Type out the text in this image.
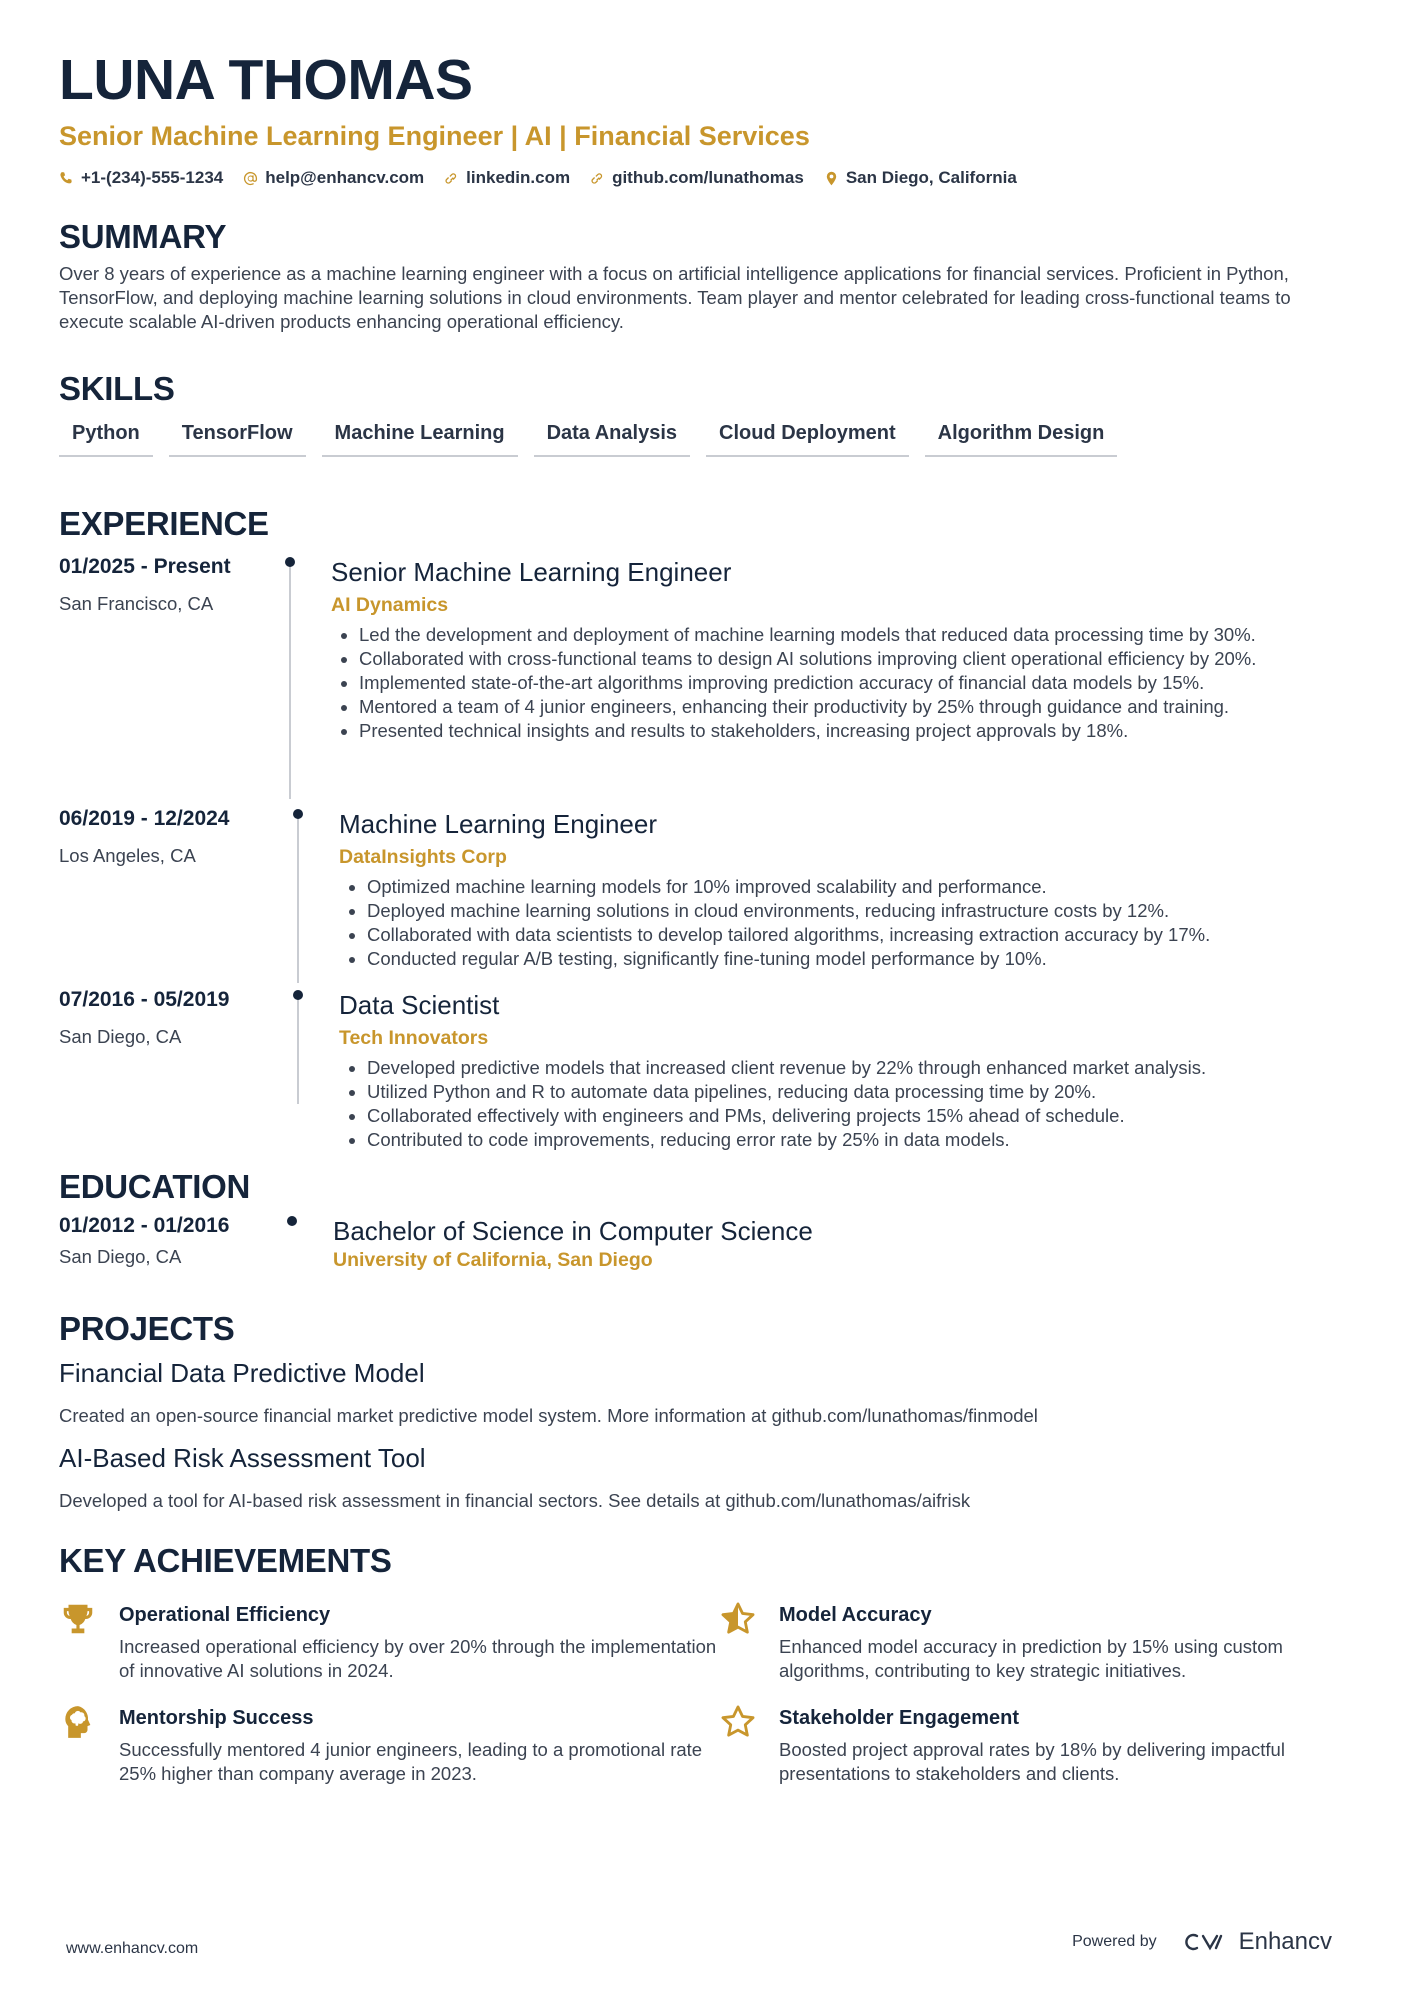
LUNA THOMAS
Senior Machine Learning Engineer | AI | Financial Services
+1-(234)-555-1234 help@enhancv.com linkedin.com github.com/lunathomas San Diego, California
SUMMARY
Over 8 years of experience as a machine learning engineer with a focus on artificial intelligence applications for financial services. Proficient in Python, TensorFlow, and deploying machine learning solutions in cloud environments. Team player and mentor celebrated for leading cross-functional teams to execute scalable AI-driven products enhancing operational efficiency.
SKILLS
Python	TensorFlow	Machine Learning	Data Analysis	Cloud Deployment	Algorithm Design
EXPERIENCE
01/2025 - Present
San Francisco, CA
Senior Machine Learning Engineer
AI Dynamics
• Led the development and deployment of machine learning models that reduced data processing time by 30%.
• Collaborated with cross-functional teams to design AI solutions improving client operational efficiency by 20%.
• Implemented state-of-the-art algorithms improving prediction accuracy of financial data models by 15%.
• Mentored a team of 4 junior engineers, enhancing their productivity by 25% through guidance and training.
• Presented technical insights and results to stakeholders, increasing project approvals by 18%.
06/2019 - 12/2024
Los Angeles, CA
Machine Learning Engineer
DataInsights Corp
• Optimized machine learning models for 10% improved scalability and performance.
• Deployed machine learning solutions in cloud environments, reducing infrastructure costs by 12%.
• Collaborated with data scientists to develop tailored algorithms, increasing extraction accuracy by 17%.
• Conducted regular A/B testing, significantly fine-tuning model performance by 10%.
07/2016 - 05/2019
San Diego, CA
Data Scientist
Tech Innovators
• Developed predictive models that increased client revenue by 22% through enhanced market analysis.
• Utilized Python and R to automate data pipelines, reducing data processing time by 20%.
• Collaborated effectively with engineers and PMs, delivering projects 15% ahead of schedule.
• Contributed to code improvements, reducing error rate by 25% in data models.
EDUCATION
01/2012 - 01/2016
San Diego, CA
Bachelor of Science in Computer Science
University of California, San Diego
PROJECTS
Financial Data Predictive Model
Created an open-source financial market predictive model system. More information at github.com/lunathomas/finmodel
AI-Based Risk Assessment Tool
Developed a tool for AI-based risk assessment in financial sectors. See details at github.com/lunathomas/aifrisk
KEY ACHIEVEMENTS
Operational Efficiency
Increased operational efficiency by over 20% through the implementation of innovative AI solutions in 2024.
Model Accuracy
Enhanced model accuracy in prediction by 15% using custom algorithms, contributing to key strategic initiatives.
Mentorship Success
Successfully mentored 4 junior engineers, leading to a promotional rate 25% higher than company average in 2023.
Stakeholder Engagement
Boosted project approval rates by 18% by delivering impactful presentations to stakeholders and clients.
www.enhancv.com	Powered by	Enhancv
